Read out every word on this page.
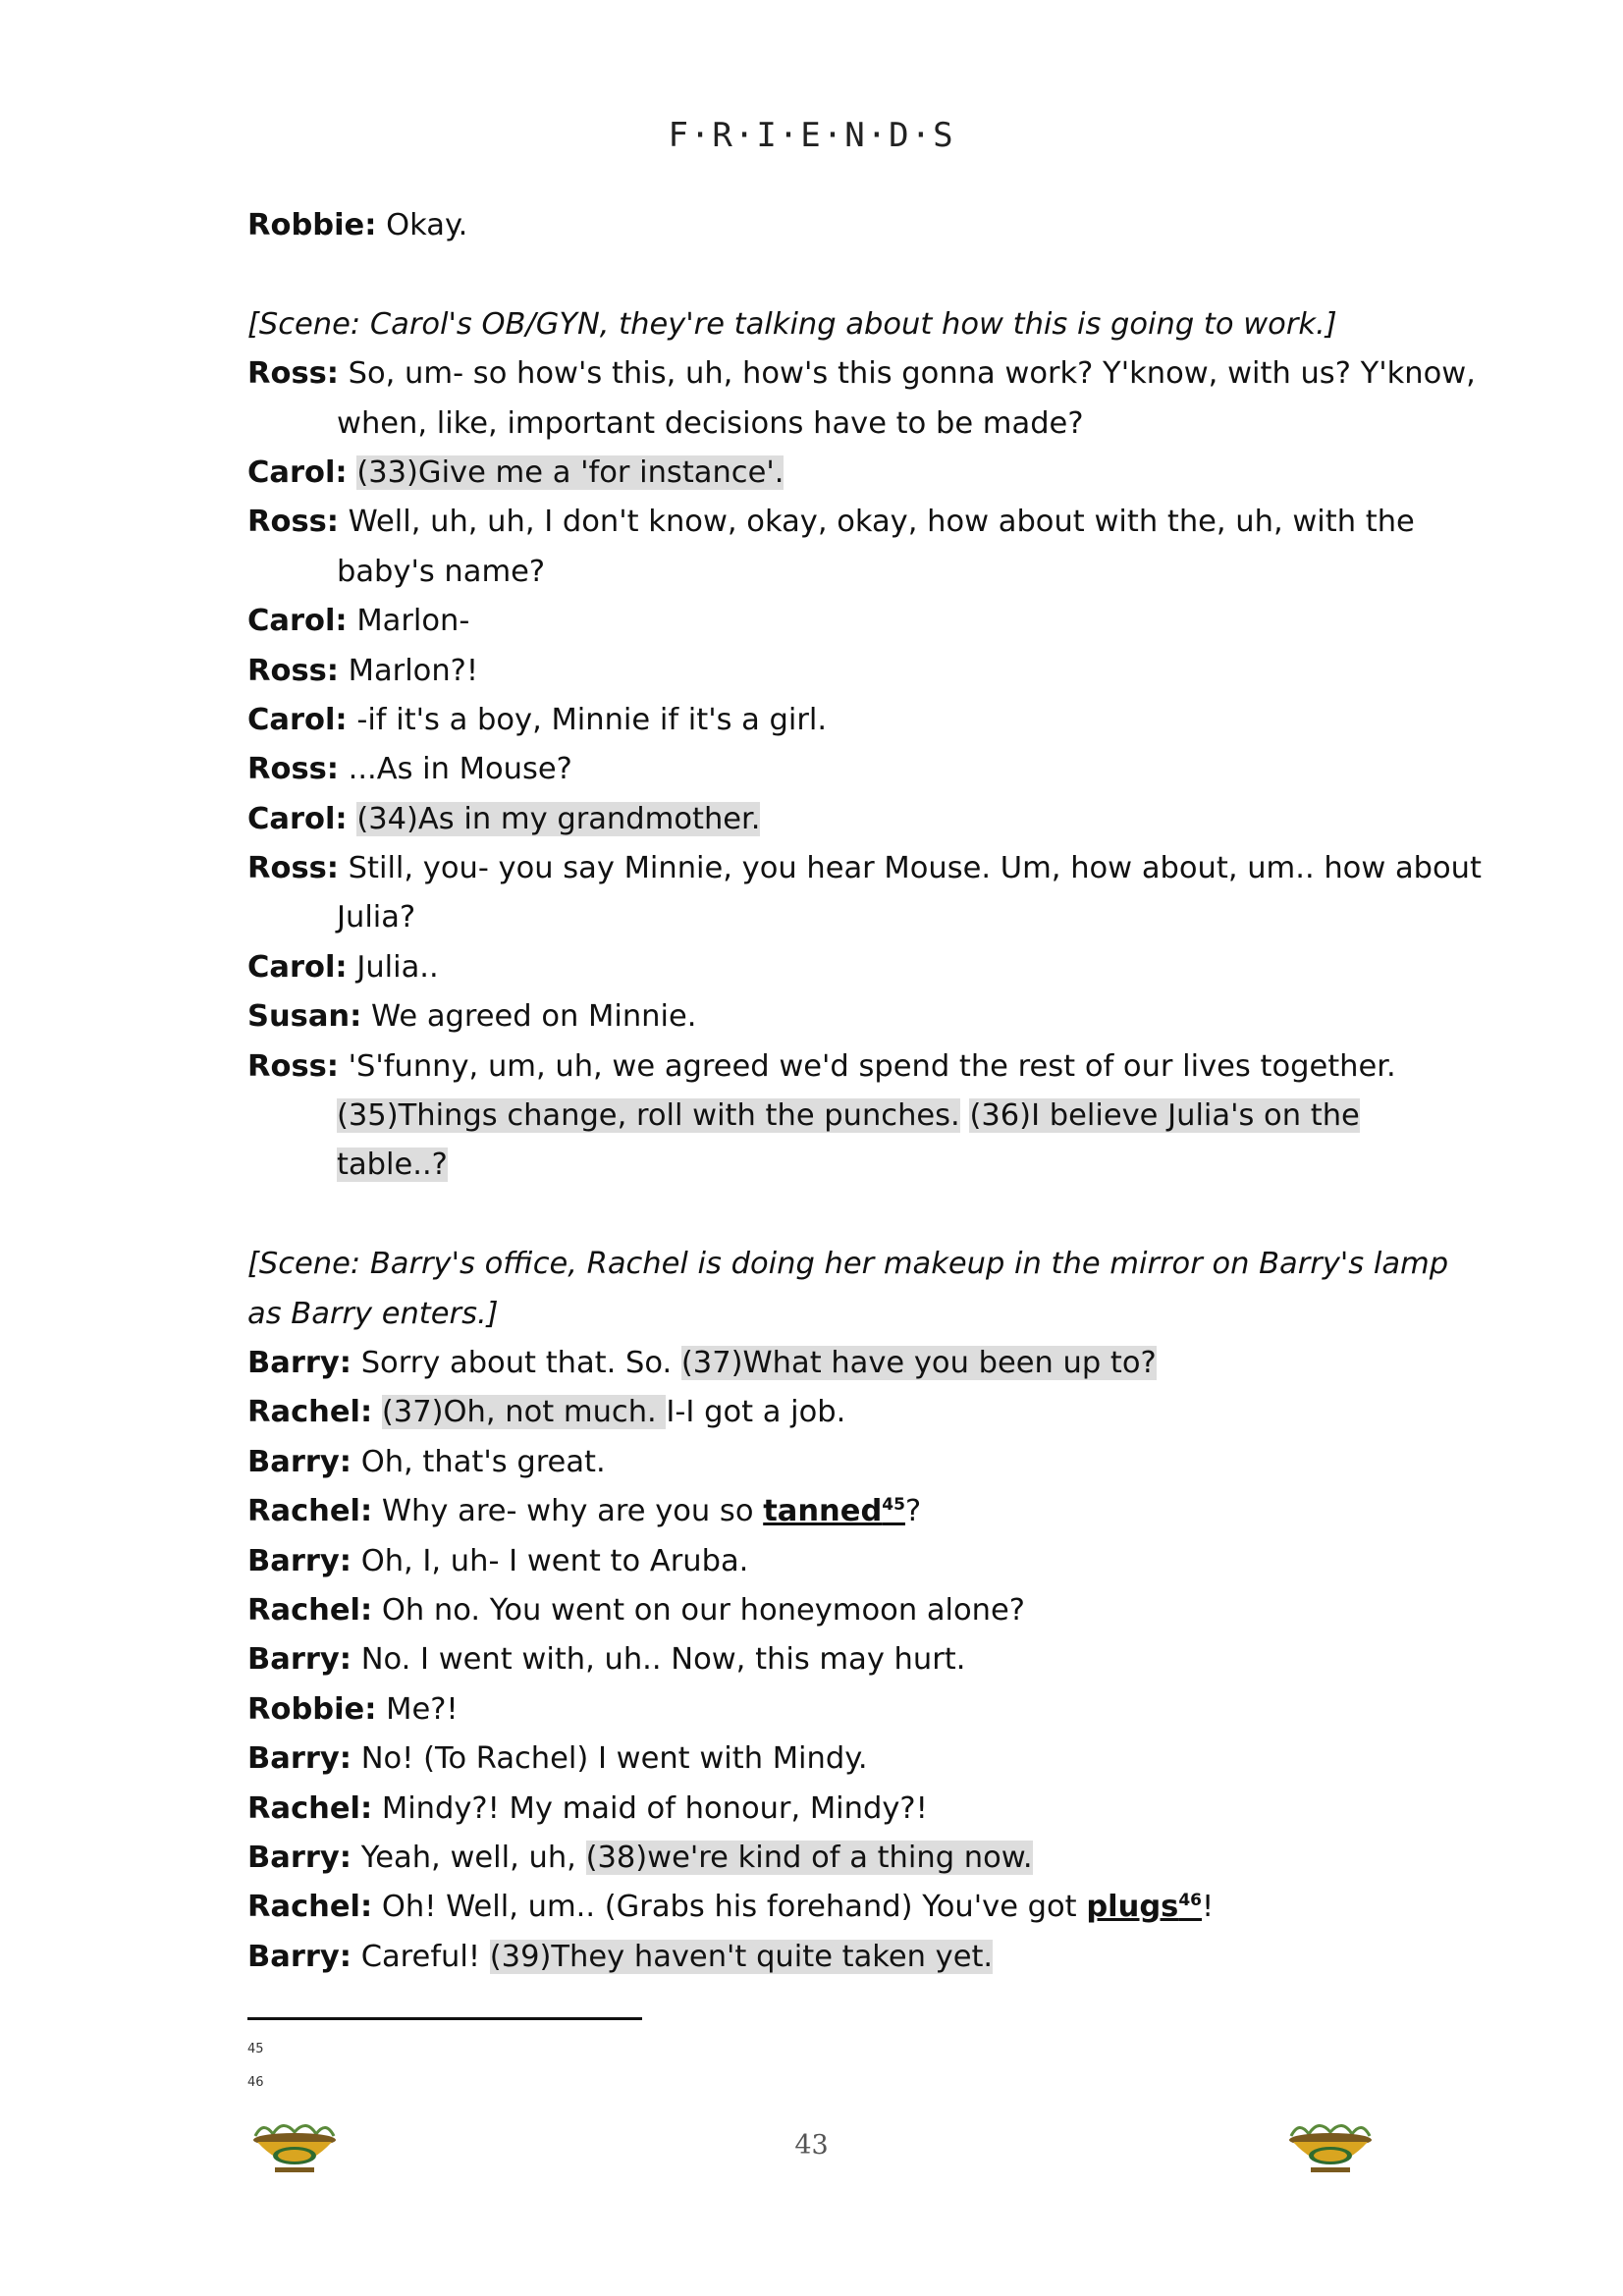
F·R·I·E·N·D·S
Robbie: Okay.
[Scene: Carol's OB/GYN, they're talking about how this is going to work.]
Ross: So, um- so how's this, uh, how's this gonna work? Y'know, with us? Y'know,
when, like, important decisions have to be made?
Carol: (33)Give me a 'for instance'.
Ross: Well, uh, uh, I don't know, okay, okay, how about with the, uh, with the
baby's name?
Carol: Marlon-
Ross: Marlon?!
Carol: -if it's a boy, Minnie if it's a girl.
Ross: ...As in Mouse?
Carol: (34)As in my grandmother.
Ross: Still, you- you say Minnie, you hear Mouse. Um, how about, um.. how about
Julia?
Carol: Julia..
Susan: We agreed on Minnie.
Ross: 'S'funny, um, uh, we agreed we'd spend the rest of our lives together.
(35)Things change, roll with the punches. (36)I believe Julia's on the
table..?
[Scene: Barry's office, Rachel is doing her makeup in the mirror on Barry's lamp
as Barry enters.]
Barry: Sorry about that. So. (37)What have you been up to?
Rachel: (37)Oh, not much. I-I got a job.
Barry: Oh, that's great.
Rachel: Why are- why are you so tanned$^{45}$?
Barry: Oh, I, uh- I went to Aruba.
Rachel: Oh no. You went on our honeymoon alone?
Barry: No. I went with, uh.. Now, this may hurt.
Robbie: Me?!
Barry: No! (To Rachel) I went with Mindy.
Rachel: Mindy?! My maid of honour, Mindy?!
Barry: Yeah, well, uh, (38)we're kind of a thing now.
Rachel: Oh! Well, um.. (Grabs his forehand) You've got plugs$^{46}$!
Barry: Careful! (39)They haven't quite taken yet.
45
46
43
